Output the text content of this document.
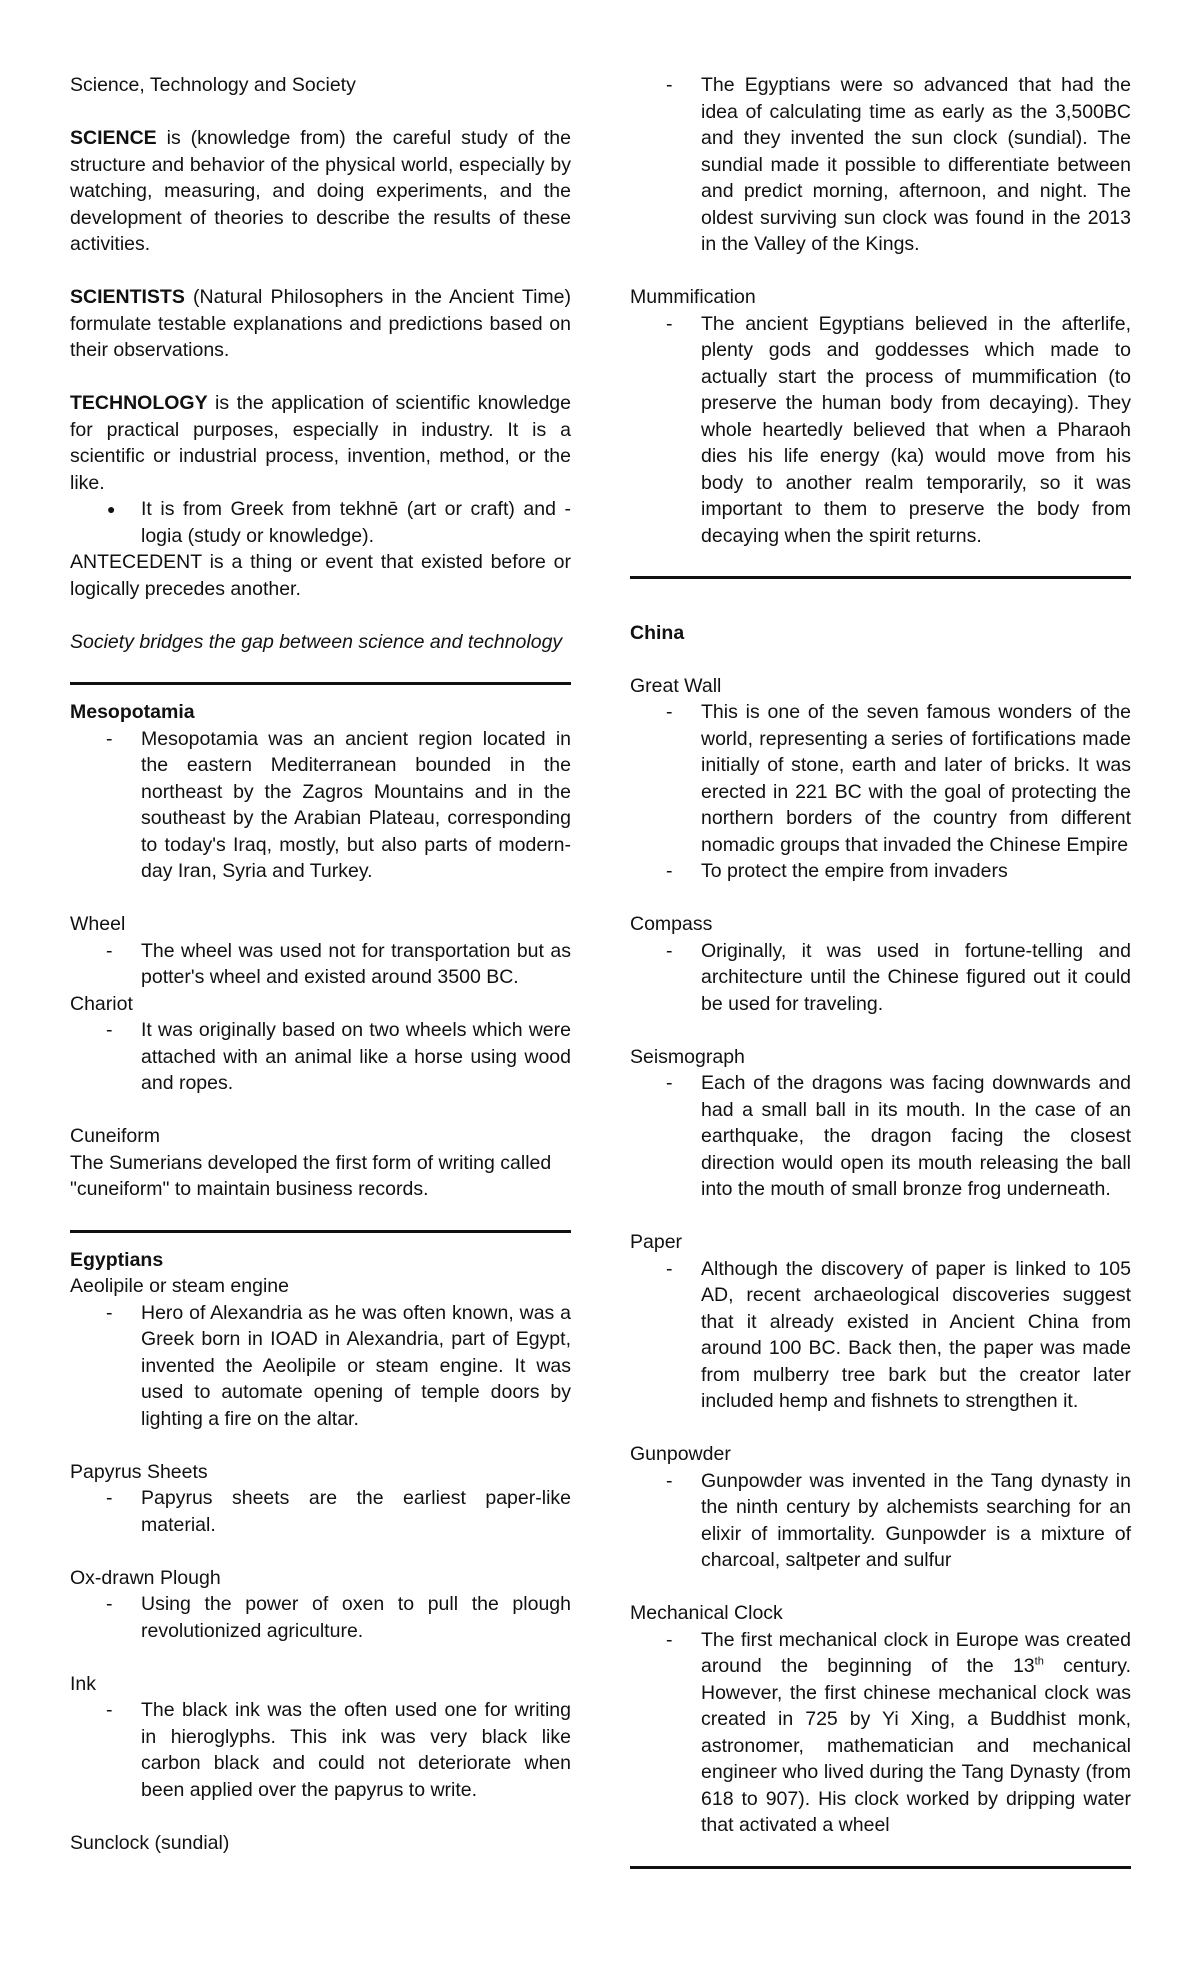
Science, Technology and Society

SCIENCE is (knowledge from) the careful study of the structure and behavior of the physical world, especially by watching, measuring, and doing experiments, and the development of theories to describe the results of these activities.

SCIENTISTS (Natural Philosophers in the Ancient Time) formulate testable explanations and predictions based on their observations.

TECHNOLOGY is the application of scientific knowledge for practical purposes, especially in industry. It is a scientific or industrial process, invention, method, or the like.

● It is from Greek from tekhnē (art or craft) and -logia (study or knowledge).

ANTECEDENT is a thing or event that existed before or logically precedes another.

Society bridges the gap between science and technology

Mesopotamia

- Mesopotamia was an ancient region located in the eastern Mediterranean bounded in the northeast by the Zagros Mountains and in the southeast by the Arabian Plateau, corresponding to today's Iraq, mostly, but also parts of modern-day Iran, Syria and Turkey.

Wheel

- The wheel was used not for transportation but as potter's wheel and existed around 3500 BC.

Chariot

- It was originally based on two wheels which were attached with an animal like a horse using wood and ropes.

Cuneiform

The Sumerians developed the first form of writing called "cuneiform" to maintain business records.

Egyptians

Aeolipile or steam engine

- Hero of Alexandria as he was often known, was a Greek born in IOAD in Alexandria, part of Egypt, invented the Aeolipile or steam engine. It was used to automate opening of temple doors by lighting a fire on the altar.

Papyrus Sheets

- Papyrus sheets are the earliest paper-like material.

Ox-drawn Plough

- Using the power of oxen to pull the plough revolutionized agriculture.

Ink

- The black ink was the often used one for writing in hieroglyphs. This ink was very black like carbon black and could not deteriorate when been applied over the papyrus to write.

Sunclock (sundial)

- The Egyptians were so advanced that had the idea of calculating time as early as the 3,500BC and they invented the sun clock (sundial). The sundial made it possible to differentiate between and predict morning, afternoon, and night. The oldest surviving sun clock was found in the 2013 in the Valley of the Kings.

Mummification

- The ancient Egyptians believed in the afterlife, plenty gods and goddesses which made to actually start the process of mummification (to preserve the human body from decaying). They whole heartedly believed that when a Pharaoh dies his life energy (ka) would move from his body to another realm temporarily, so it was important to them to preserve the body from decaying when the spirit returns.

China

Great Wall

- This is one of the seven famous wonders of the world, representing a series of fortifications made initially of stone, earth and later of bricks. It was erected in 221 BC with the goal of protecting the northern borders of the country from different nomadic groups that invaded the Chinese Empire
- To protect the empire from invaders

Compass

- Originally, it was used in fortune-telling and architecture until the Chinese figured out it could be used for traveling.

Seismograph

- Each of the dragons was facing downwards and had a small ball in its mouth. In the case of an earthquake, the dragon facing the closest direction would open its mouth releasing the ball into the mouth of small bronze frog underneath.

Paper

- Although the discovery of paper is linked to 105 AD, recent archaeological discoveries suggest that it already existed in Ancient China from around 100 BC. Back then, the paper was made from mulberry tree bark but the creator later included hemp and fishnets to strengthen it.

Gunpowder

- Gunpowder was invented in the Tang dynasty in the ninth century by alchemists searching for an elixir of immortality. Gunpowder is a mixture of charcoal, saltpeter and sulfur

Mechanical Clock

- The first mechanical clock in Europe was created around the beginning of the 13th century. However, the first chinese mechanical clock was created in 725 by Yi Xing, a Buddhist monk, astronomer, mathematician and mechanical engineer who lived during the Tang Dynasty (from 618 to 907). His clock worked by dripping water that activated a wheel
